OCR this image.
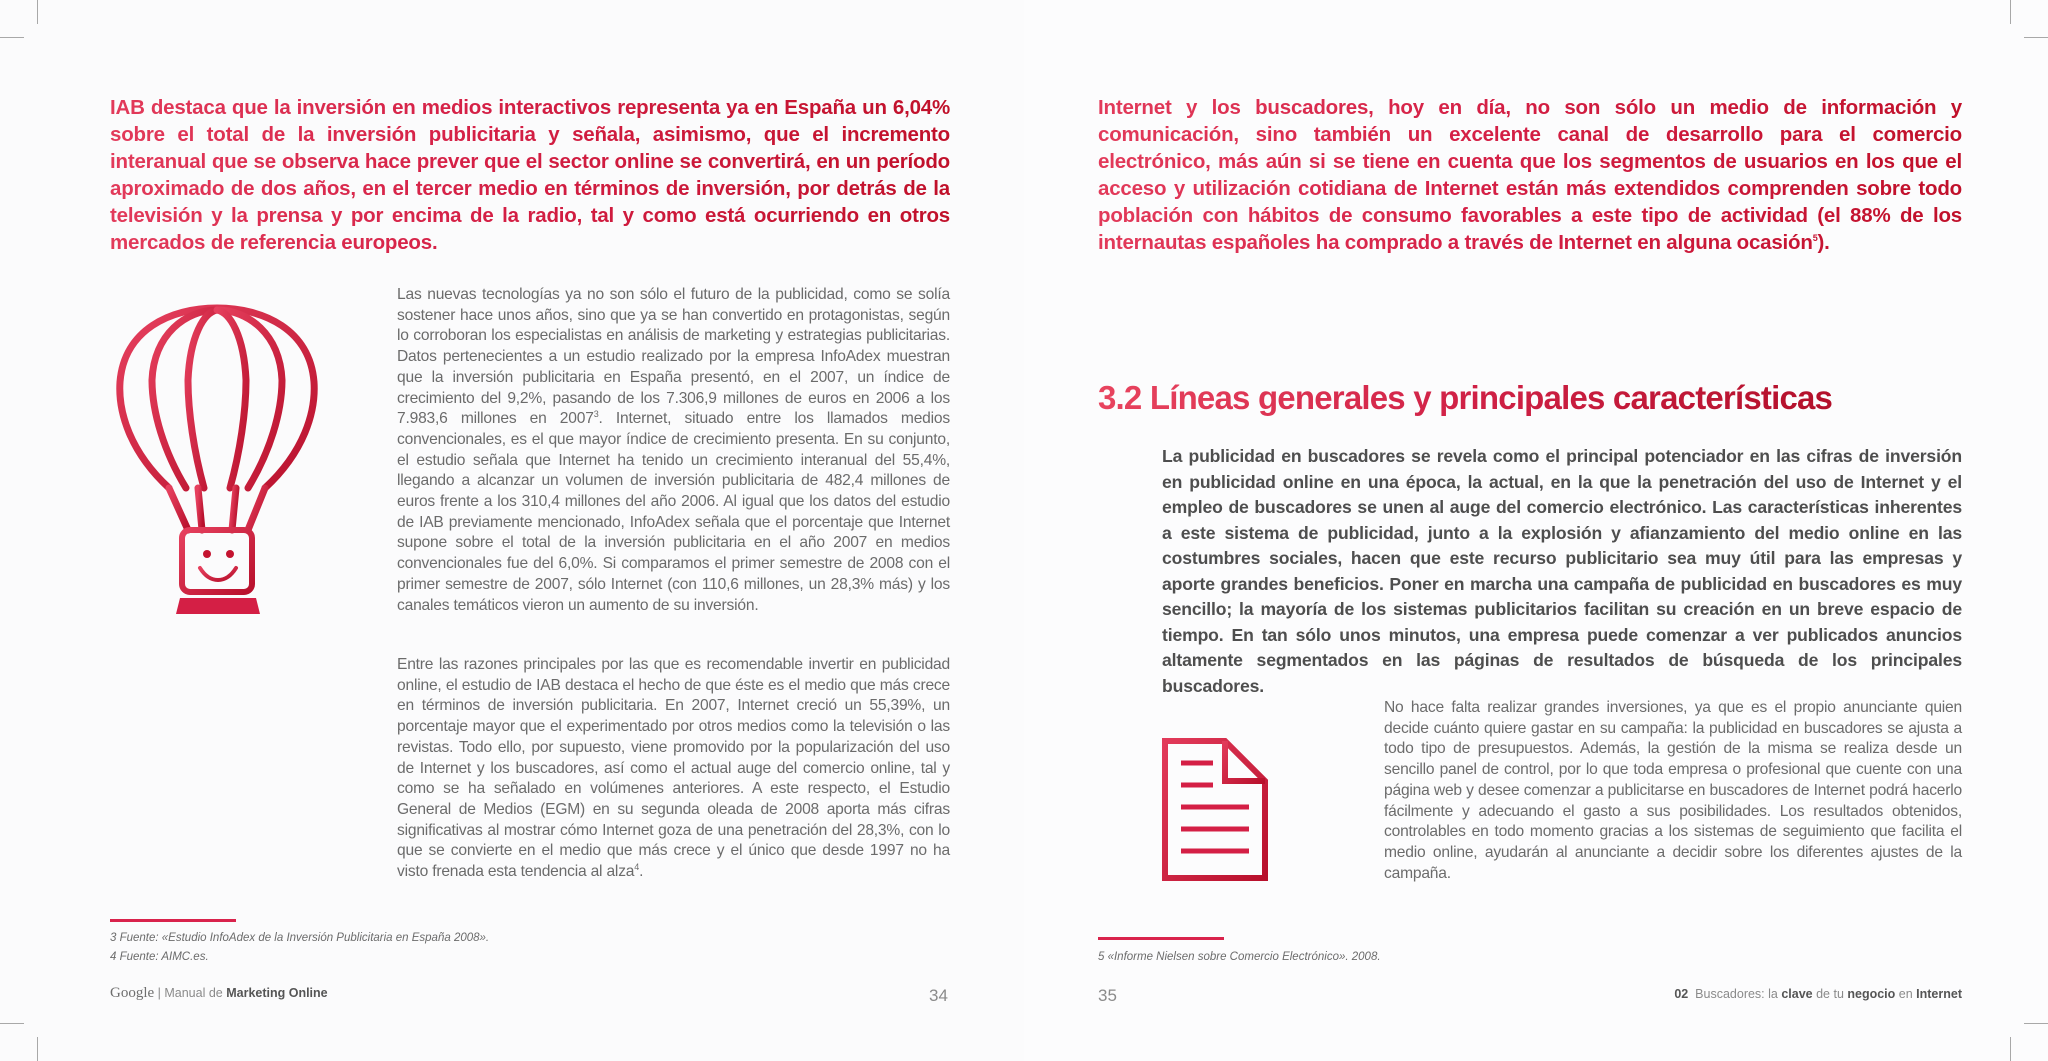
IAB destaca que la inversión en medios interactivos representa ya en España un 6,04% sobre el total de la inversión publicitaria y señala, asimismo, que el incremento interanual que se observa hace prever que el sector online se convertirá, en un período aproximado de dos años, en el tercer medio en términos de inversión, por detrás de la televisión y la prensa y por encima de la radio, tal y como está ocurriendo en otros mercados de referencia europeos.

Las nuevas tecnologías ya no son sólo el futuro de la publicidad, como se solía sostener hace unos años, sino que ya se han convertido en protagonistas, según lo corroboran los especialistas en análisis de marketing y estrategias publicitarias. Datos pertenecientes a un estudio realizado por la empresa InfoAdex muestran que la inversión publicitaria en España presentó, en el 2007, un índice de crecimiento del 9,2%, pasando de los 7.306,9 millones de euros en 2006 a los 7.983,6 millones en 2007$^3$. Internet, situado entre los llamados medios convencionales, es el que mayor índice de crecimiento presenta. En su conjunto, el estudio señala que Internet ha tenido un crecimiento interanual del 55,4%, llegando a alcanzar un volumen de inversión publicitaria de 482,4 millones de euros frente a los 310,4 millones del año 2006. Al igual que los datos del estudio de IAB previamente mencionado, InfoAdex señala que el porcentaje que Internet supone sobre el total de la inversión publicitaria en el año 2007 en medios convencionales fue del 6,0%. Si comparamos el primer semestre de 2008 con el primer semestre de 2007, sólo Internet (con 110,6 millones, un 28,3% más) y los canales temáticos vieron un aumento de su inversión.

Entre las razones principales por las que es recomendable invertir en publicidad online, el estudio de IAB destaca el hecho de que éste es el medio que más crece en términos de inversión publicitaria. En 2007, Internet creció un 55,39%, un porcentaje mayor que el experimentado por otros medios como la televisión o las revistas. Todo ello, por supuesto, viene promovido por la popularización del uso de Internet y los buscadores, así como el actual auge del comercio online, tal y como se ha señalado en volúmenes anteriores. A este respecto, el Estudio General de Medios (EGM) en su segunda oleada de 2008 aporta más cifras significativas al mostrar cómo Internet goza de una penetración del 28,3%, con lo que se convierte en el medio que más crece y el único que desde 1997 no ha visto frenada esta tendencia al alza$^4$.

3 Fuente: «Estudio InfoAdex de la Inversión Publicitaria en España 2008».
4 Fuente: AIMC.es.
Google | Manual de Marketing Online	34
Internet y los buscadores, hoy en día, no son sólo un medio de información y comunicación, sino también un excelente canal de desarrollo para el comercio electrónico, más aún si se tiene en cuenta que los segmentos de usuarios en los que el acceso y utilización cotidiana de Internet están más extendidos comprenden sobre todo población con hábitos de consumo favorables a este tipo de actividad (el 88% de los internautas españoles ha comprado a través de Internet en alguna ocasión$^5$).
3.2 Líneas generales y principales características
La publicidad en buscadores se revela como el principal potenciador en las cifras de inversión en publicidad online en una época, la actual, en la que la penetración del uso de Internet y el empleo de buscadores se unen al auge del comercio electrónico. Las características inherentes a este sistema de publicidad, junto a la explosión y afianzamiento del medio online en las costumbres sociales, hacen que este recurso publicitario sea muy útil para las empresas y aporte grandes beneficios. Poner en marcha una campaña de publicidad en buscadores es muy sencillo; la mayoría de los sistemas publicitarios facilitan su creación en un breve espacio de tiempo. En tan sólo unos minutos, una empresa puede comenzar a ver publicados anuncios altamente segmentados en las páginas de resultados de búsqueda de los principales buscadores.
No hace falta realizar grandes inversiones, ya que es el propio anunciante quien decide cuánto quiere gastar en su campaña: la publicidad en buscadores se ajusta a todo tipo de presupuestos. Además, la gestión de la misma se realiza desde un sencillo panel de control, por lo que toda empresa o profesional que cuente con una página web y desee comenzar a publicitarse en buscadores de Internet podrá hacerlo fácilmente y adecuando el gasto a sus posibilidades. Los resultados obtenidos, controlables en todo momento gracias a los sistemas de seguimiento que facilita el medio online, ayudarán al anunciante a decidir sobre los diferentes ajustes de la campaña.
5 «Informe Nielsen sobre Comercio Electrónico». 2008.
35	02 Buscadores: la clave de tu negocio en Internet
